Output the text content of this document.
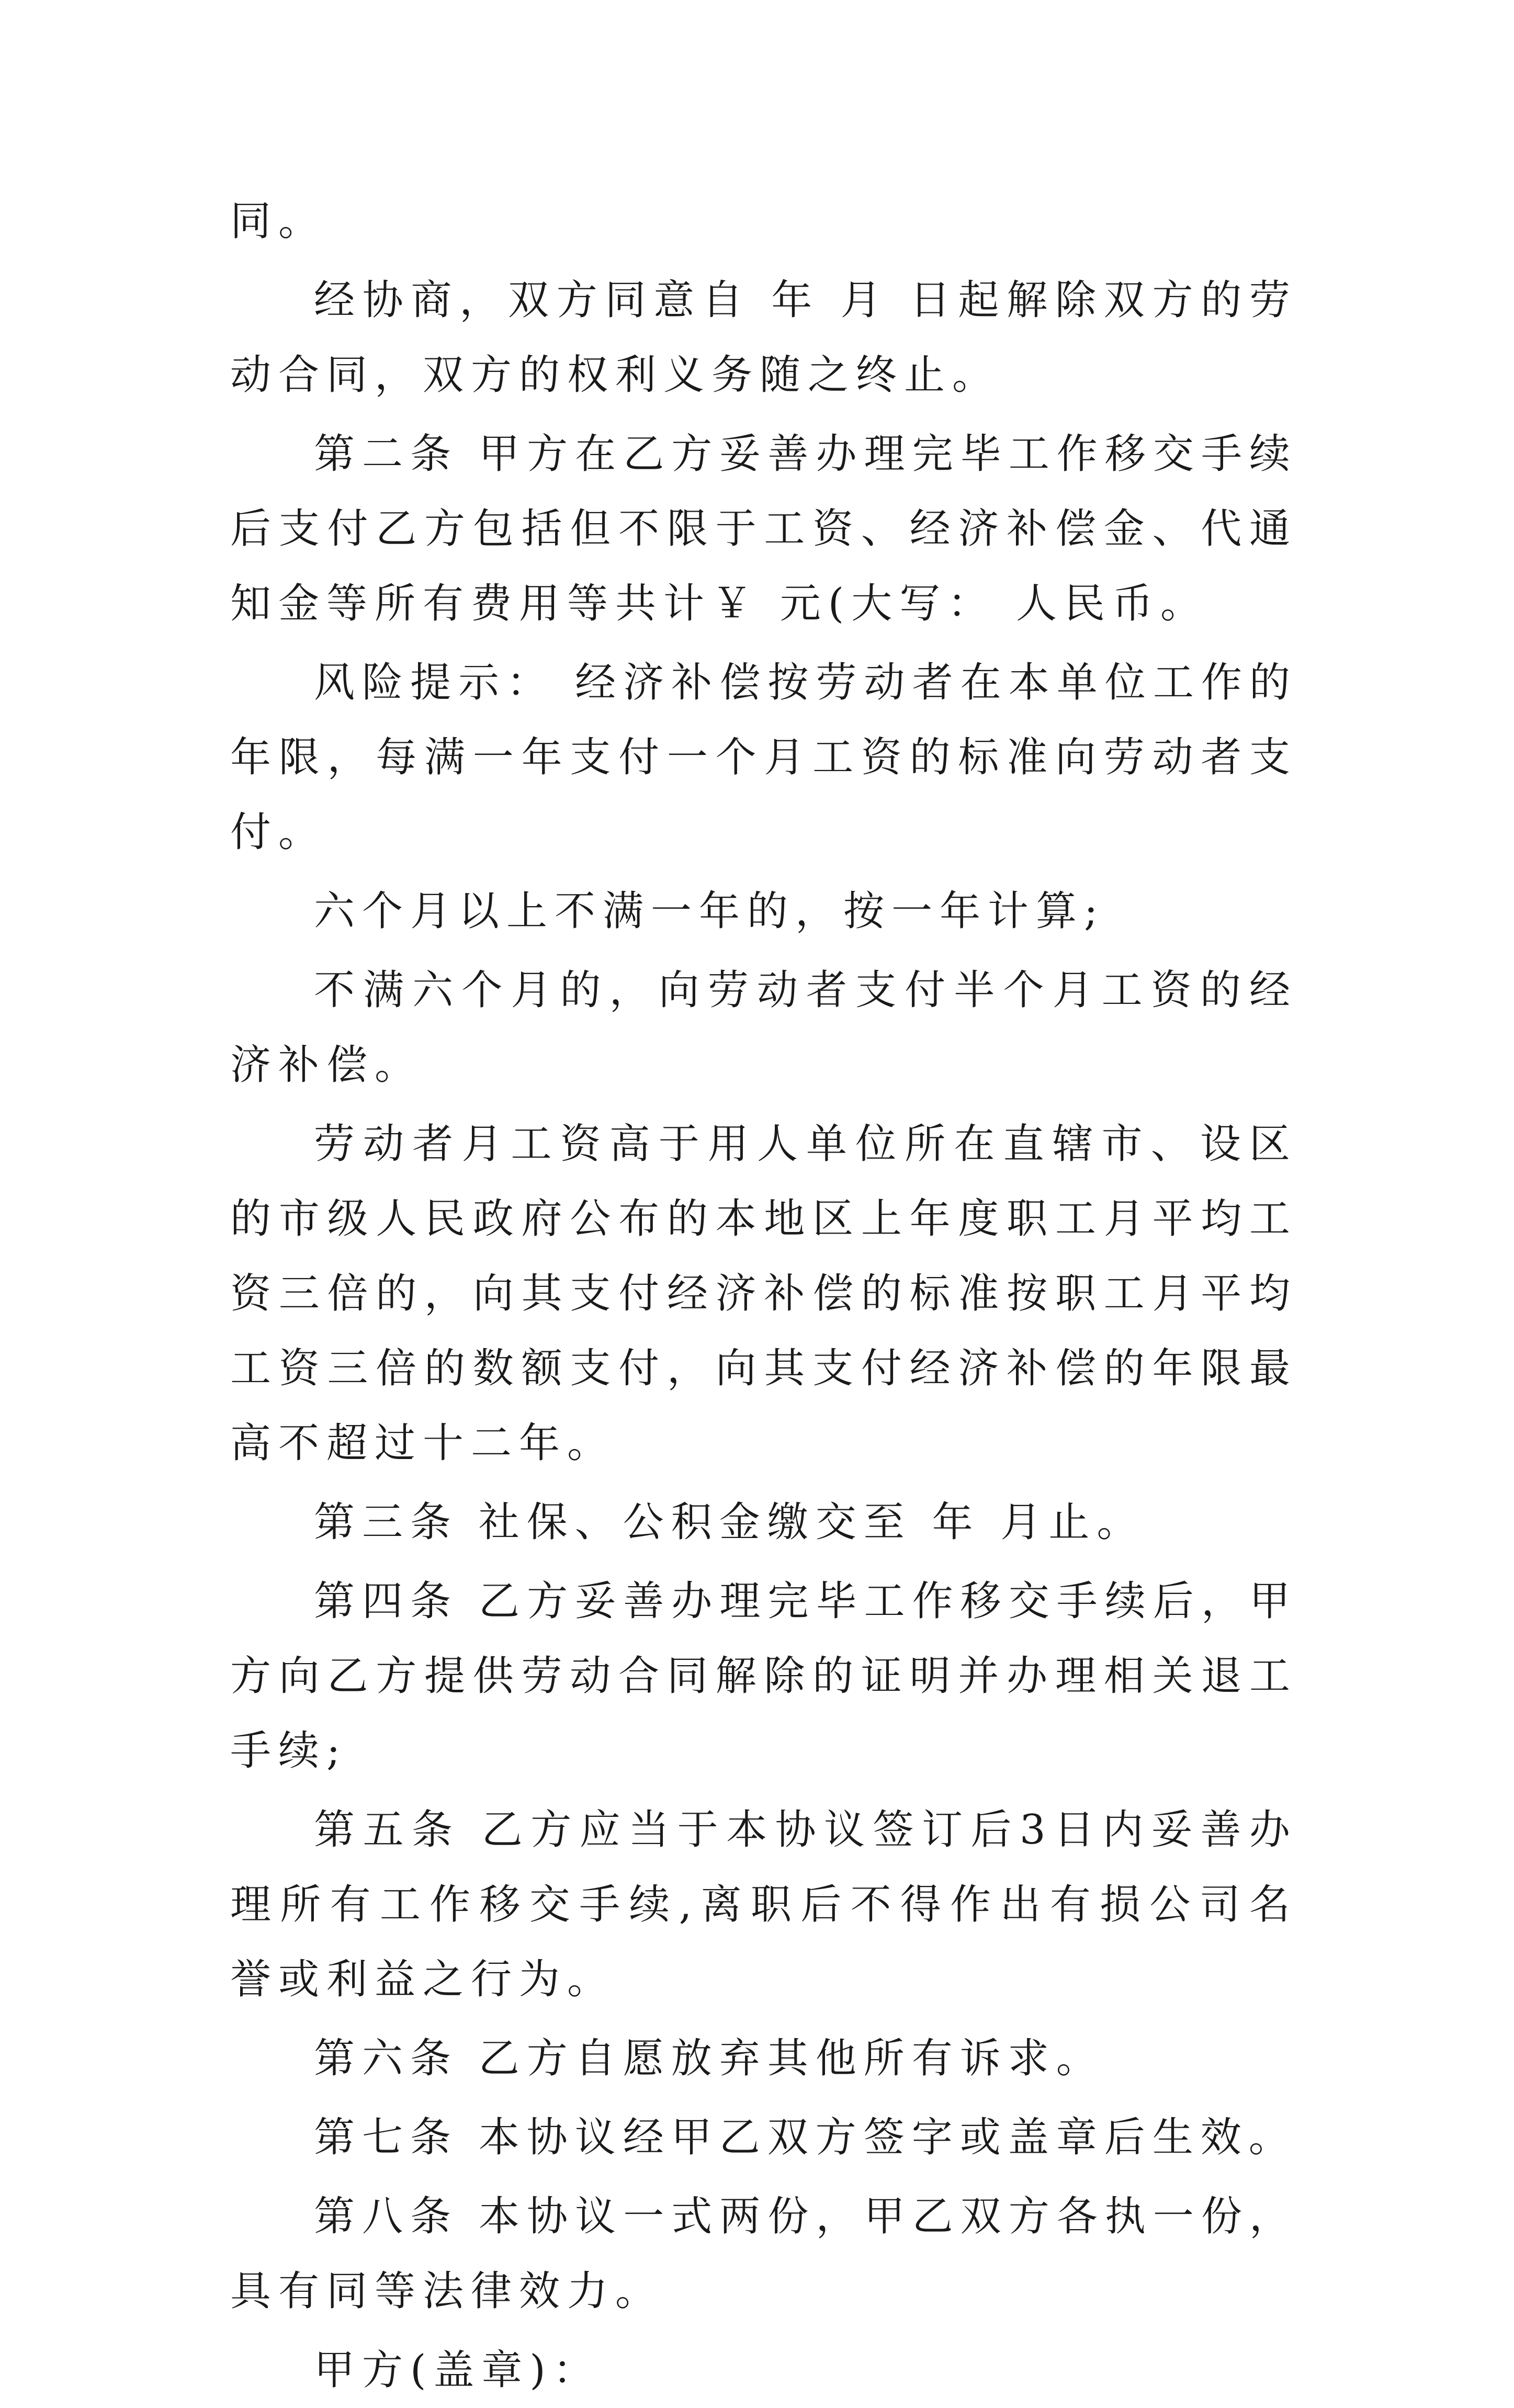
同。

经协商，双方同意自 年 月 日起解除双方的劳动合同，双方的权利义务随之终止。

第二条 甲方在乙方妥善办理完毕工作移交手续后支付乙方包括但不限于工资、经济补偿金、代通知金等所有费用等共计￥ 元(大写： 人民币。

风险提示： 经济补偿按劳动者在本单位工作的年限，每满一年支付一个月工资的标准向劳动者支付。

六个月以上不满一年的，按一年计算;

不满六个月的，向劳动者支付半个月工资的经济补偿。

劳动者月工资高于用人单位所在直辖市、设区的市级人民政府公布的本地区上年度职工月平均工资三倍的，向其支付经济补偿的标准按职工月平均工资三倍的数额支付，向其支付经济补偿的年限最高不超过十二年。

第三条 社保、公积金缴交至 年 月止。

第四条 乙方妥善办理完毕工作移交手续后，甲方向乙方提供劳动合同解除的证明并办理相关退工手续;

第五条 乙方应当于本协议签订后3日内妥善办理所有工作移交手续,离职后不得作出有损公司名誉或利益之行为。

第六条 乙方自愿放弃其他所有诉求。

第七条 本协议经甲乙双方签字或盖章后生效。

第八条 本协议一式两份，甲乙双方各执一份，具有同等法律效力。

甲方(盖章)：
